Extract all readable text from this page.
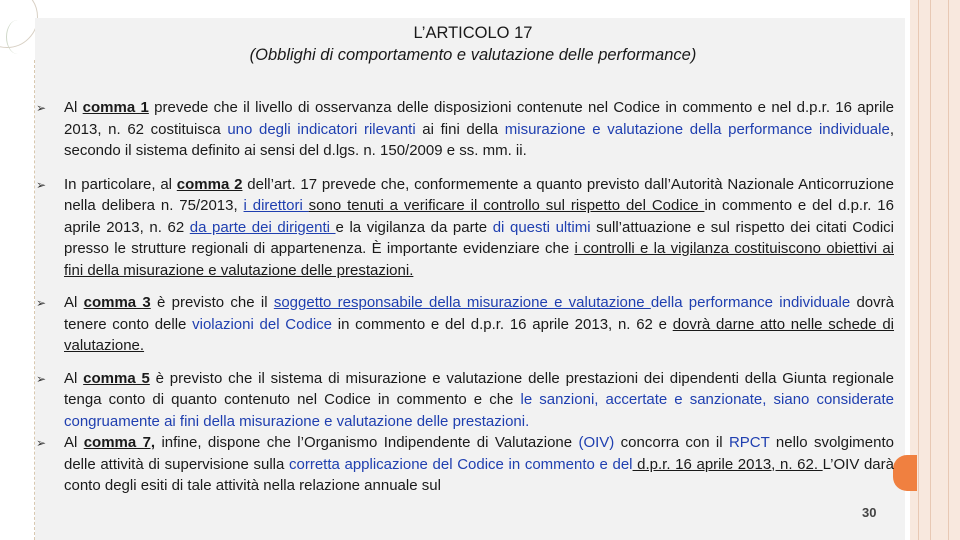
L’ARTICOLO 17
(Obblighi di comportamento e valutazione delle performance)
➢ Al comma 1 prevede che il livello di osservanza delle disposizioni contenute nel Codice in commento e nel d.p.r. 16 aprile 2013, n. 62 costituisca uno degli indicatori rilevanti ai fini della misurazione e valutazione della performance individuale, secondo il sistema definito ai sensi del d.lgs. n. 150/2009 e ss. mm. ii.
➢ In particolare, al comma 2 dell’art. 17 prevede che, conformemente a quanto previsto dall’Autorità Nazionale Anticorruzione nella delibera n. 75/2013, i direttori sono tenuti a verificare il controllo sul rispetto del Codice in commento e del d.p.r. 16 aprile 2013, n. 62 da parte dei dirigenti e la vigilanza da parte di questi ultimi sull’attuazione e sul rispetto dei citati Codici presso le strutture regionali di appartenenza. È importante evidenziare che i controlli e la vigilanza costituiscono obiettivi ai fini della misurazione e valutazione delle prestazioni.
➢ Al comma 3 è previsto che il soggetto responsabile della misurazione e valutazione della performance individuale dovrà tenere conto delle violazioni del Codice in commento e del d.p.r. 16 aprile 2013, n. 62 e dovrà darne atto nelle schede di valutazione.
➢ Al comma 5 è previsto che il sistema di misurazione e valutazione delle prestazioni dei dipendenti della Giunta regionale tenga conto di quanto contenuto nel Codice in commento e che le sanzioni, accertate e sanzionate, siano considerate congruamente ai fini della misurazione e valutazione delle prestazioni.
➢ Al comma 7, infine, dispone che l’Organismo Indipendente di Valutazione (OIV) concorra con il RPCT nello svolgimento delle attività di supervisione sulla corretta applicazione del Codice in commento e del d.p.r. 16 aprile 2013, n. 62. L’OIV darà conto degli esiti di tale attività nella relazione annuale sul
30
